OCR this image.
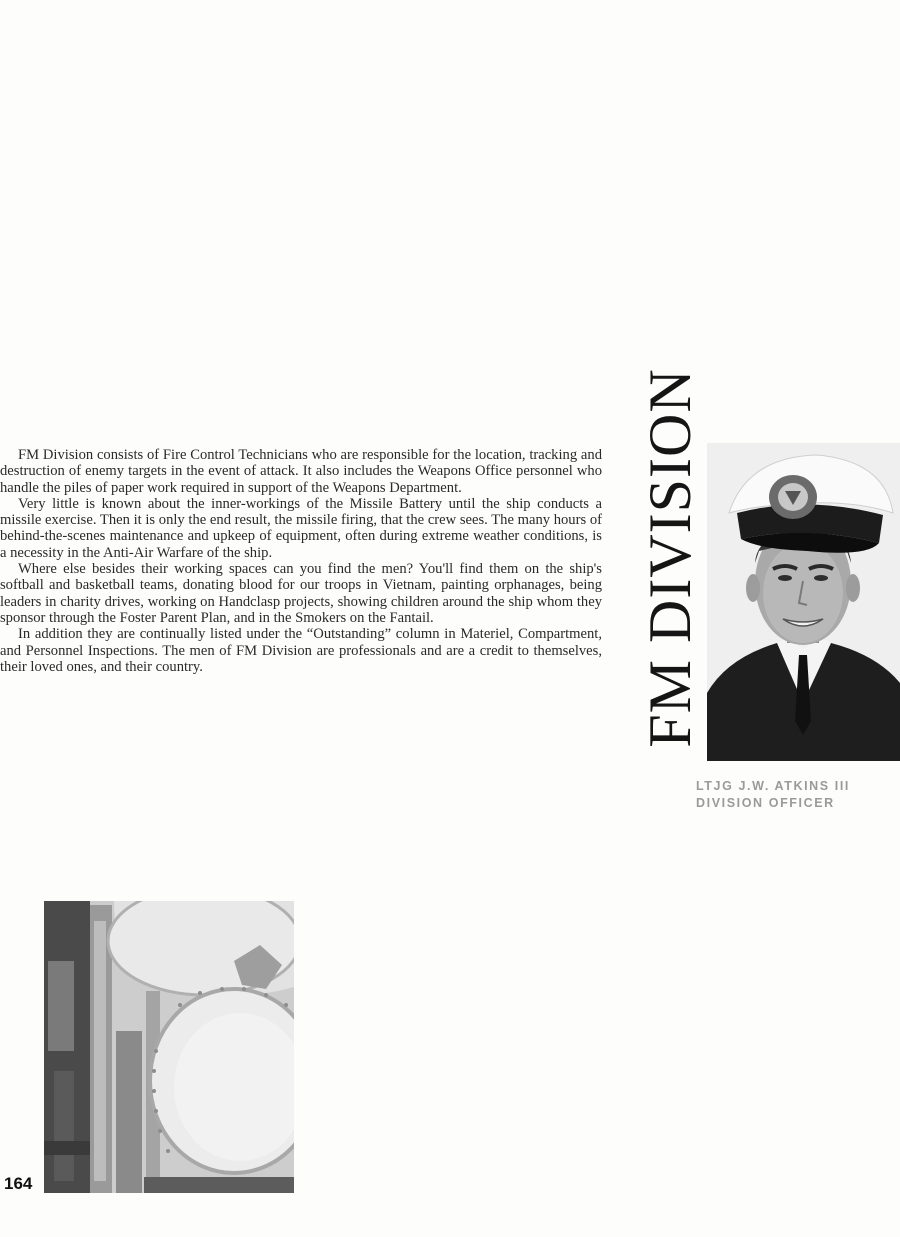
FM Division consists of Fire Control Technicians who are responsible for the location, tracking and destruction of enemy targets in the event of attack. It also includes the Weapons Office personnel who handle the piles of paper work required in support of the Weapons Department.

Very little is known about the inner-workings of the Missile Battery until the ship conducts a missile exercise. Then it is only the end result, the missile firing, that the crew sees. The many hours of behind-the-scenes maintenance and upkeep of equipment, often during extreme weather conditions, is a necessity in the Anti-Air Warfare of the ship.

Where else besides their working spaces can you find the men? You'll find them on the ship's softball and basketball teams, donating blood for our troops in Vietnam, painting orphanages, being leaders in charity drives, working on Handclasp projects, showing children around the ship whom they sponsor through the Foster Parent Plan, and in the Smokers on the Fantail.

In addition they are continually listed under the “Outstanding” column in Materiel, Compartment, and Personnel Inspections. The men of FM Division are professionals and are a credit to themselves, their loved ones, and their country.	FM DIVISION
LTJG J.W. ATKINS III
DIVISION OFFICER
164
